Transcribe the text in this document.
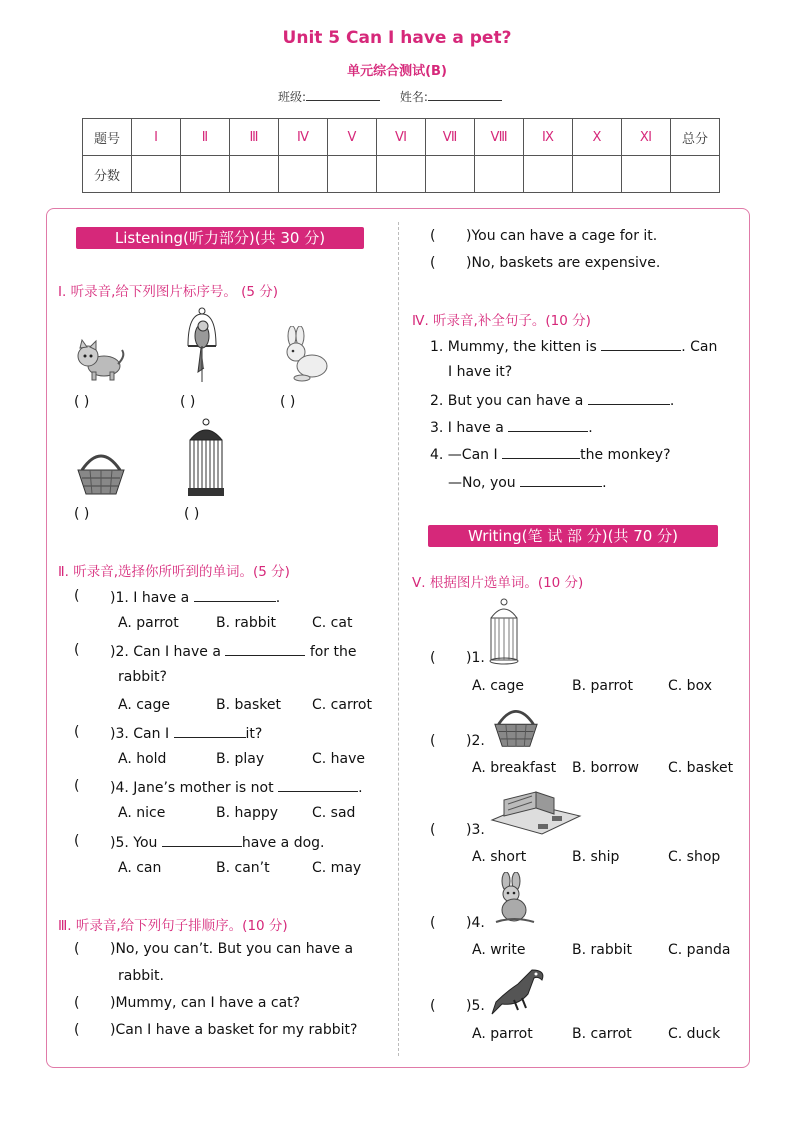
Unit 5 Can I have a pet?
单元综合测试(B)
班级:	姓名:
题号	Ⅰ	Ⅱ	Ⅲ	Ⅳ	Ⅴ	Ⅵ	Ⅶ	Ⅷ	Ⅸ	Ⅹ	Ⅺ	总分
分数												
Listening(听力部分)(共 30 分)
Ⅰ. 听录音,给下列图片标序号。 (5 分)
( )	( )	( )
( )	( )
Ⅱ. 听录音,选择你所听到的单词。(5 分)
( )1. I have a	.
A. parrot	B. rabbit	C. cat
( )2. Can I have a	for the
rabbit?
A. cage	B. basket C. carrot
( )3. Can I	it?
A. hold	B. play	C. have
( )4. Jane’s mother is not	.
A. nice	B. happy C. sad
( )5. You	have a dog.
A. can	B. can’t	C. may
Ⅲ. 听录音,给下列句子排顺序。(10 分)
( )No, you can’t. But you can have a
rabbit.
( )Mummy, can I have a cat?
( )Can I have a basket for my rabbit?
( )You can have a cage for it.
( )No, baskets are expensive.
Ⅳ. 听录音,补全句子。(10 分)
1. Mummy, the kitten is	. Can
I have it?
2. But you can have a	.
3. I have a	.
4. —Can I	the monkey?
—No, you	.
Writing(笔 试 部 分)(共 70 分)
Ⅴ. 根据图片选单词。(10 分)
( )1.
A. cage	B. parrot	C. box
( )2.
A. breakfast B. borrow C. basket
( )3.
A. short	B. ship	C. shop
( )4.
A. write	B. rabbit	C. panda
( )5.
A. parrot	B. carrot	C. duck
